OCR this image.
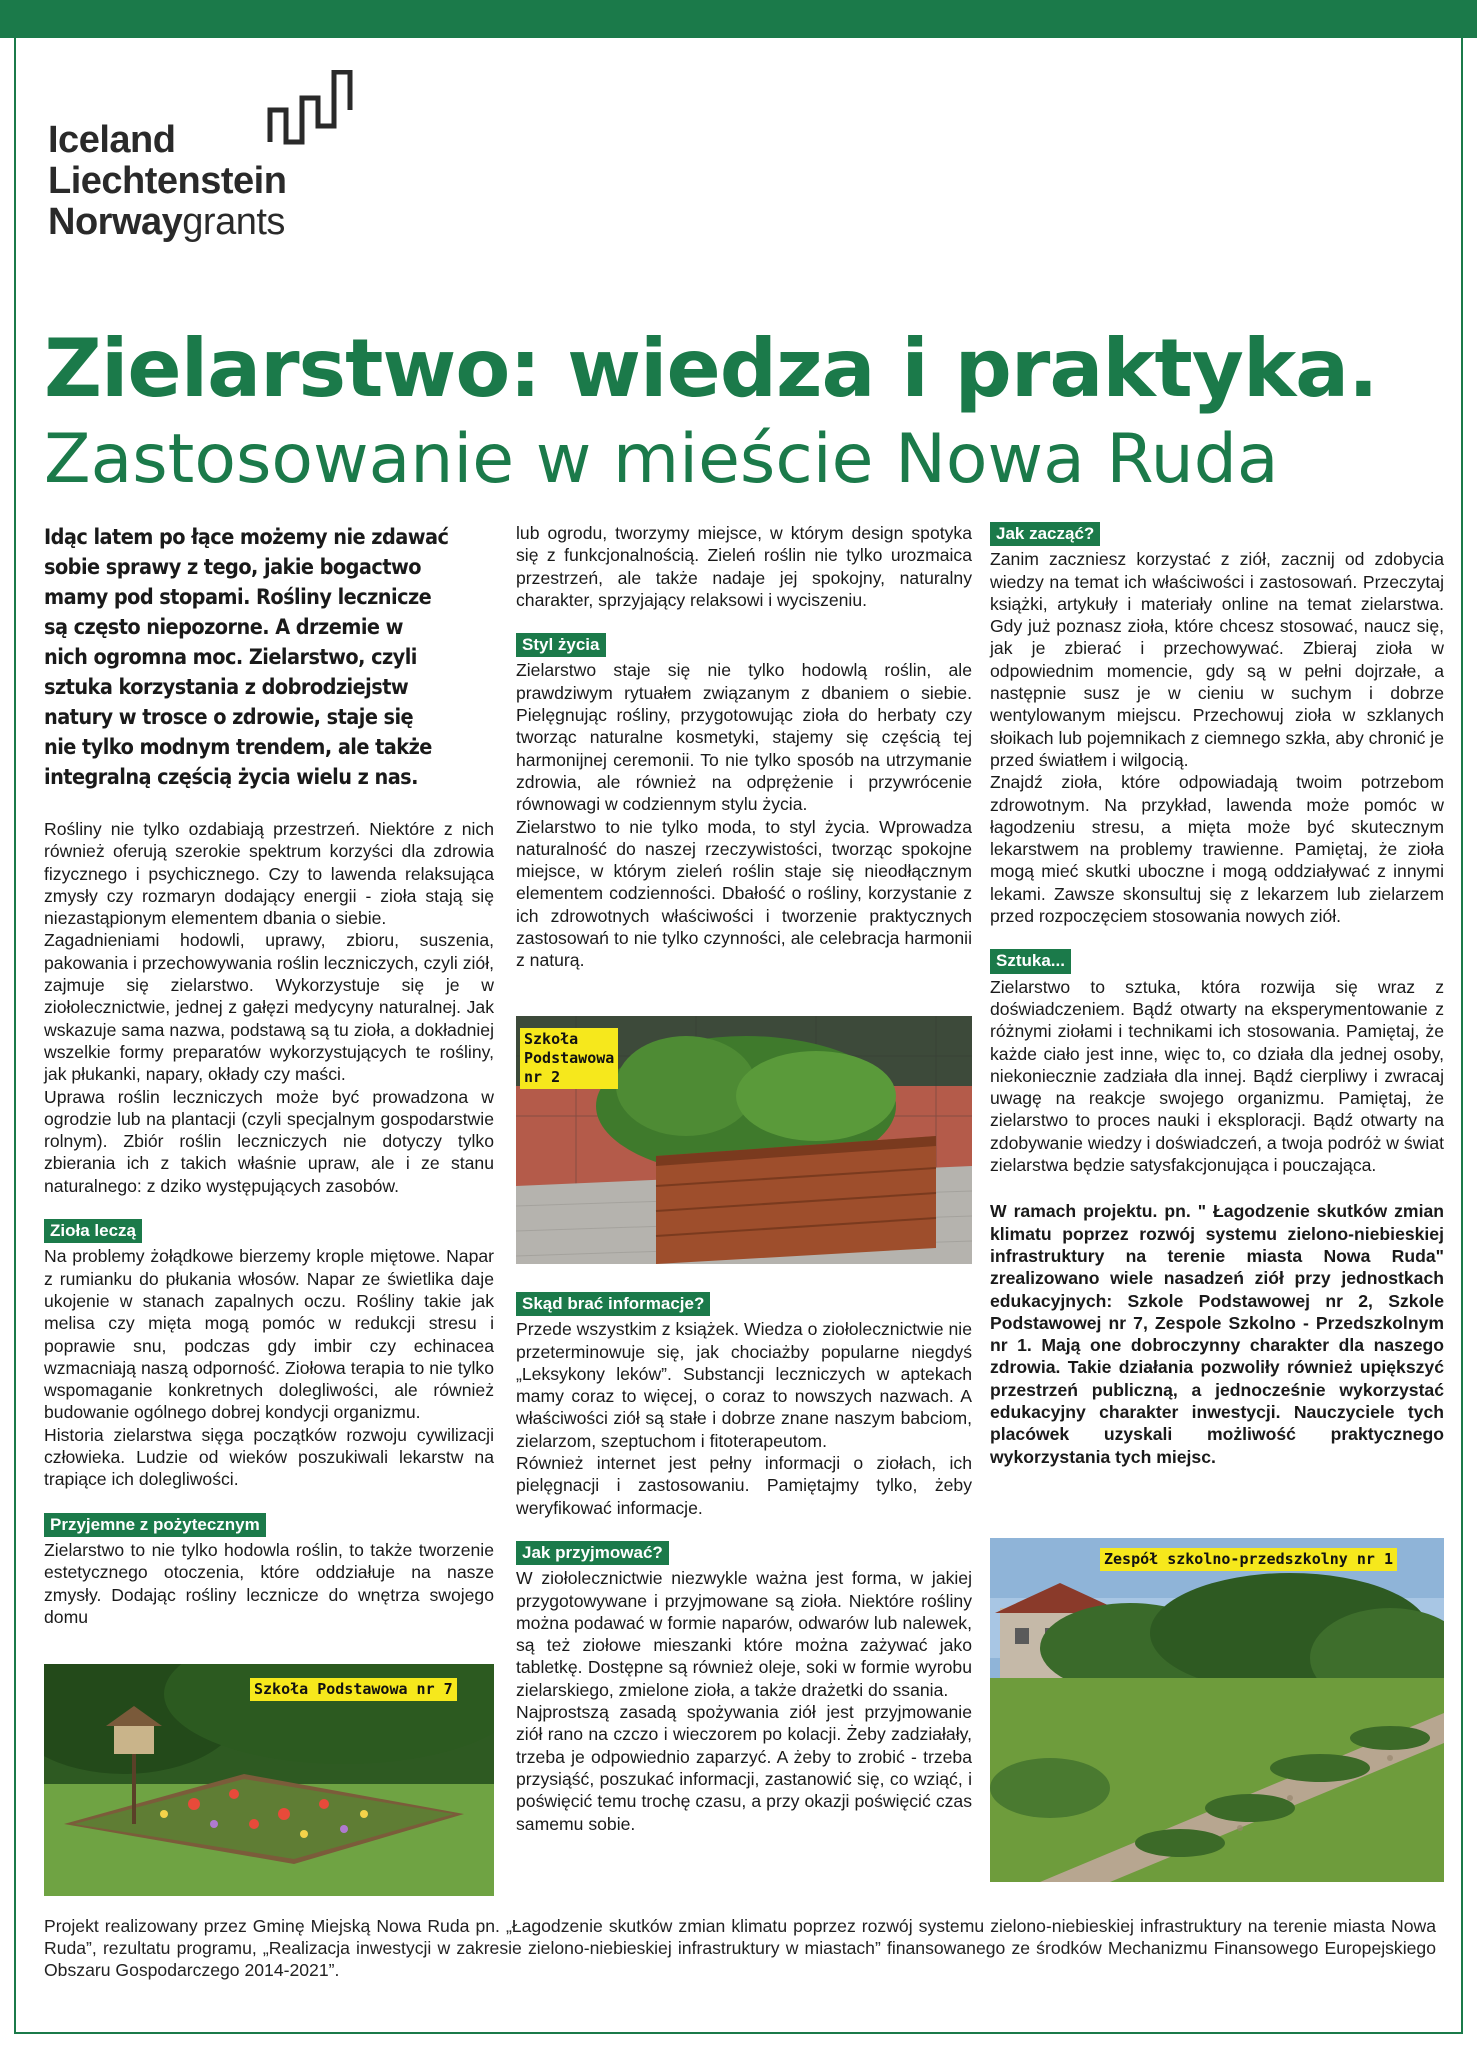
Iceland
Liechtenstein
Norwaygrants
Zielarstwo: wiedza i praktyka.
Zastosowanie w mieście Nowa Ruda

Idąc latem po łące możemy nie zdawać sobie sprawy z tego, jakie bogactwo mamy pod stopami. Rośliny lecznicze są często niepozorne. A drzemie w nich ogromna moc. Zielarstwo, czyli sztuka korzystania z dobrodziejstw natury w trosce o zdrowie, staje się nie tylko modnym trendem, ale także integralną częścią życia wielu z nas.

Rośliny nie tylko ozdabiają przestrzeń. Niektóre z nich również oferują szerokie spektrum korzyści dla zdrowia fizycznego i psychicznego. Czy to lawenda relaksująca zmysły czy rozmaryn dodający energii - zioła stają się niezastąpionym elementem dbania o siebie.

Zagadnieniami hodowli, uprawy, zbioru, suszenia, pakowania i przechowywania roślin leczniczych, czyli ziół, zajmuje się zielarstwo. Wykorzystuje się je w ziołolecznictwie, jednej z gałęzi medycyny naturalnej. Jak wskazuje sama nazwa, podstawą są tu zioła, a dokładniej wszelkie formy preparatów wykorzystujących te rośliny, jak płukanki, napary, okłady czy maści.

Uprawa roślin leczniczych może być prowadzona w ogrodzie lub na plantacji (czyli specjalnym gospodarstwie rolnym). Zbiór roślin leczniczych nie dotyczy tylko zbierania ich z takich właśnie upraw, ale i ze stanu naturalnego: z dziko występujących zasobów.

Zioła leczą

Na problemy żołądkowe bierzemy krople miętowe. Napar z rumianku do płukania włosów. Napar ze świetlika daje ukojenie w stanach zapalnych oczu. Rośliny takie jak melisa czy mięta mogą pomóc w redukcji stresu i poprawie snu, podczas gdy imbir czy echinacea wzmacniają naszą odporność. Ziołowa terapia to nie tylko wspomaganie konkretnych dolegliwości, ale również budowanie ogólnego dobrej kondycji organizmu.

Historia zielarstwa sięga początków rozwoju cywilizacji człowieka. Ludzie od wieków poszukiwali lekarstw na trapiące ich dolegliwości.

Przyjemne z pożytecznym

Zielarstwo to nie tylko hodowla roślin, to także tworzenie estetycznego otoczenia, które oddziałuje na nasze zmysły. Dodając rośliny lecznicze do wnętrza swojego domu

lub ogrodu, tworzymy miejsce, w którym design spotyka się z funkcjonalnością. Zieleń roślin nie tylko urozmaica przestrzeń, ale także nadaje jej spokojny, naturalny charakter, sprzyjający relaksowi i wyciszeniu.

Styl życia

Zielarstwo staje się nie tylko hodowlą roślin, ale prawdziwym rytuałem związanym z dbaniem o siebie. Pielęgnując rośliny, przygotowując zioła do herbaty czy tworząc naturalne kosmetyki, stajemy się częścią tej harmonijnej ceremonii. To nie tylko sposób na utrzymanie zdrowia, ale również na odprężenie i przywrócenie równowagi w codziennym stylu życia.

Zielarstwo to nie tylko moda, to styl życia. Wprowadza naturalność do naszej rzeczywistości, tworząc spokojne miejsce, w którym zieleń roślin staje się nieodłącznym elementem codzienności. Dbałość o rośliny, korzystanie z ich zdrowotnych właściwości i tworzenie praktycznych zastosowań to nie tylko czynności, ale celebracja harmonii z naturą.

Skąd brać informacje?

Przede wszystkim z książek. Wiedza o ziołolecznictwie nie przeterminowuje się, jak chociażby popularne niegdyś „Leksykony leków”. Substancji leczniczych w aptekach mamy coraz to więcej, o coraz to nowszych nazwach. A właściwości ziół są stałe i dobrze znane naszym babciom, zielarzom, szeptuchom i fitoterapeutom.

Również internet jest pełny informacji o ziołach, ich pielęgnacji i zastosowaniu. Pamiętajmy tylko, żeby weryfikować informacje.

Jak przyjmować?

W ziołolecznictwie niezwykle ważna jest forma, w jakiej przygotowywane i przyjmowane są zioła. Niektóre rośliny można podawać w formie naparów, odwarów lub nalewek, są też ziołowe mieszanki które można zażywać jako tabletkę. Dostępne są również oleje, soki w formie wyrobu zielarskiego, zmielone zioła, a także drażetki do ssania.

Najprostszą zasadą spożywania ziół jest przyjmowanie ziół rano na czczo i wieczorem po kolacji. Żeby zadziałały, trzeba je odpowiednio zaparzyć. A żeby to zrobić - trzeba przysiąść, poszukać informacji, zastanowić się, co wziąć, i poświęcić temu trochę czasu, a przy okazji poświęcić czas samemu sobie.

Jak zacząć?

Zanim zaczniesz korzystać z ziół, zacznij od zdobycia wiedzy na temat ich właściwości i zastosowań. Przeczytaj książki, artykuły i materiały online na temat zielarstwa. Gdy już poznasz zioła, które chcesz stosować, naucz się, jak je zbierać i przechowywać. Zbieraj zioła w odpowiednim momencie, gdy są w pełni dojrzałe, a następnie susz je w cieniu w suchym i dobrze wentylowanym miejscu. Przechowuj zioła w szklanych słoikach lub pojemnikach z ciemnego szkła, aby chronić je przed światłem i wilgocią.

Znajdź zioła, które odpowiadają twoim potrzebom zdrowotnym. Na przykład, lawenda może pomóc w łagodzeniu stresu, a mięta może być skutecznym lekarstwem na problemy trawienne. Pamiętaj, że zioła mogą mieć skutki uboczne i mogą oddziaływać z innymi lekami. Zawsze skonsultuj się z lekarzem lub zielarzem przed rozpoczęciem stosowania nowych ziół.

Sztuka...

Zielarstwo to sztuka, która rozwija się wraz z doświadczeniem. Bądź otwarty na eksperymentowanie z różnymi ziołami i technikami ich stosowania. Pamiętaj, że każde ciało jest inne, więc to, co działa dla jednej osoby, niekoniecznie zadziała dla innej. Bądź cierpliwy i zwracaj uwagę na reakcje swojego organizmu. Pamiętaj, że zielarstwo to proces nauki i eksploracji. Bądź otwarty na zdobywanie wiedzy i doświadczeń, a twoja podróż w świat zielarstwa będzie satysfakcjonująca i pouczająca.

W ramach projektu. pn. " Łagodzenie skutków zmian klimatu poprzez rozwój systemu zielono-niebieskiej infrastruktury na terenie miasta Nowa Ruda" zrealizowano wiele nasadzeń ziół przy jednostkach edukacyjnych: Szkole Podstawowej nr 2, Szkole Podstawowej nr 7, Zespole Szkolno - Przedszkolnym nr 1. Mają one dobroczynny charakter dla naszego zdrowia. Takie działania pozwoliły również upiększyć przestrzeń publiczną, a jednocześnie wykorzystać edukacyjny charakter inwestycji. Nauczyciele tych placówek uzyskali możliwość praktycznego wykorzystania tych miejsc.

Szkoła
Podstawowa
nr 2
Szkoła Podstawowa nr 7
Zespół szkolno-przedszkolny nr 1
Projekt realizowany przez Gminę Miejską Nowa Ruda pn. „Łagodzenie skutków zmian klimatu poprzez rozwój systemu zielono-niebieskiej infrastruktury na terenie miasta Nowa Ruda”, rezultatu programu, „Realizacja inwestycji w zakresie zielono-niebieskiej infrastruktury w miastach” finansowanego ze środków Mechanizmu Finansowego Europejskiego Obszaru Gospodarczego 2014-2021”.
